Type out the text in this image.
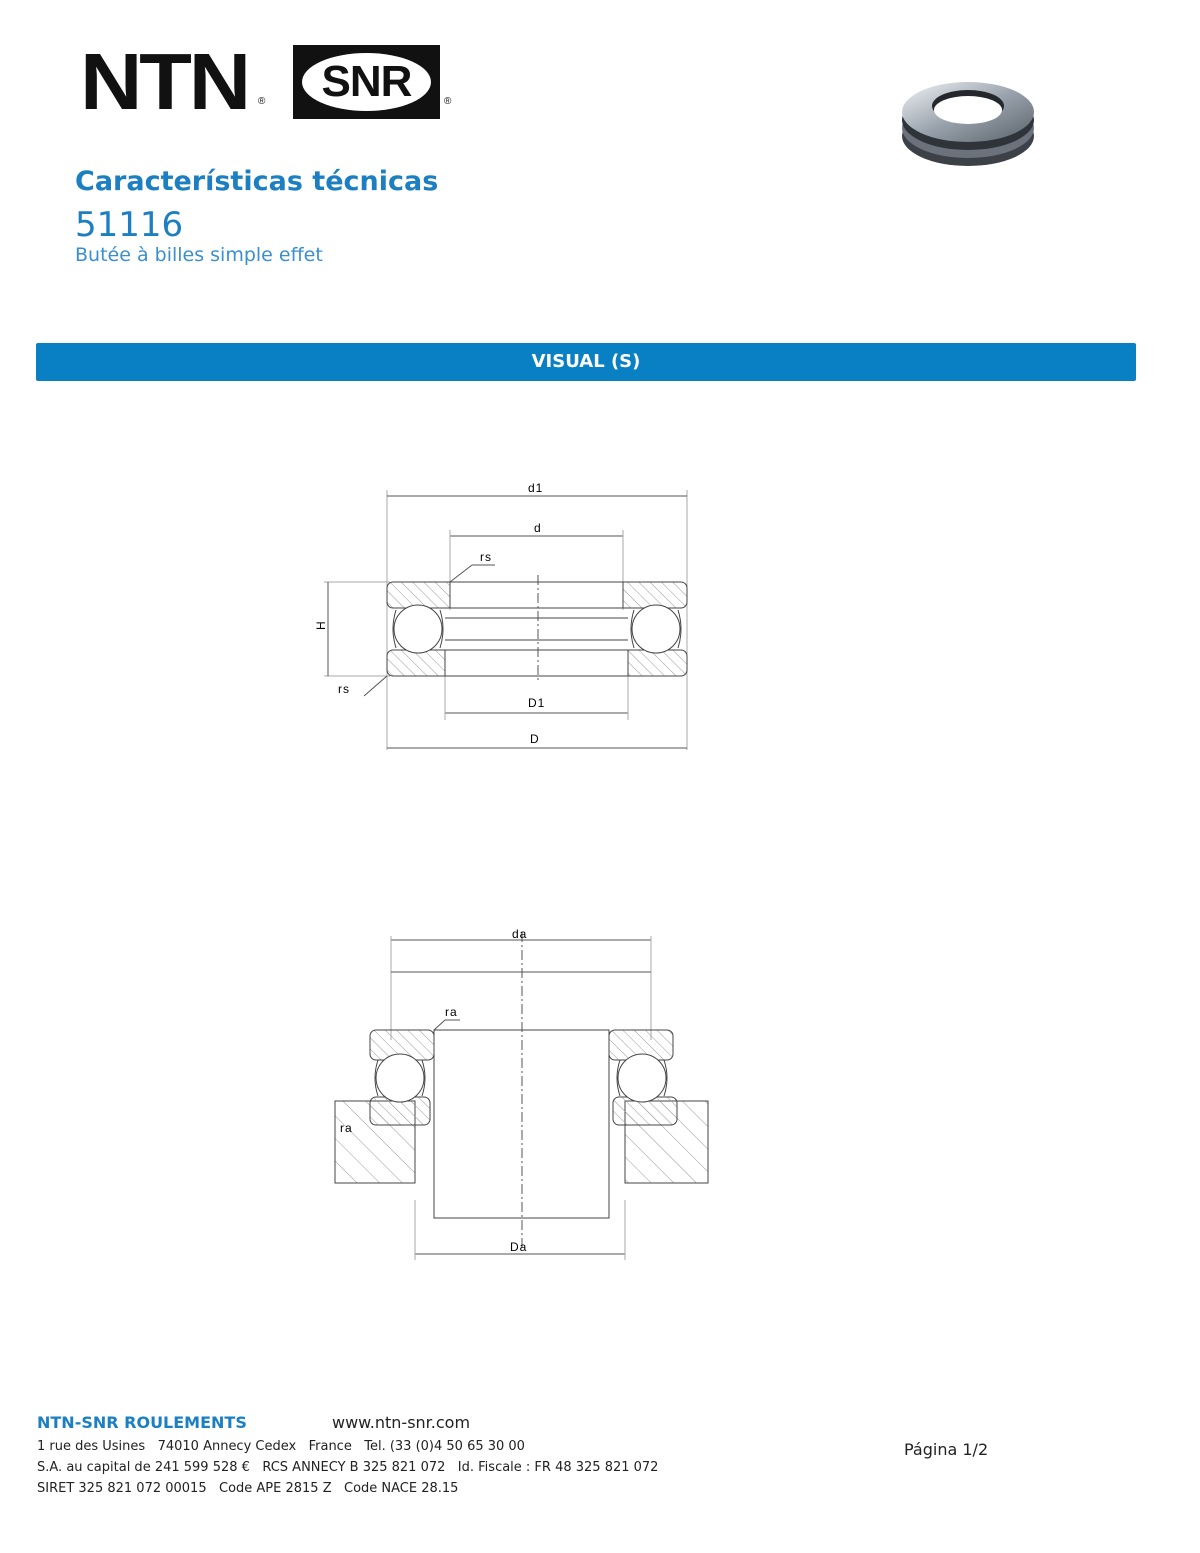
NTN ®	SNR	®
Características técnicas
51116
Butée à billes simple effet
VISUAL (S)
d1
d
rs
H
rs
D1
D
da
ra
ra
Da
NTN-SNR ROULEMENTS	www.ntn-snr.com
1 rue des Usines   74010 Annecy Cedex   France   Tel. (33 (0)4 50 65 30 00
S.A. au capital de 241 599 528 €   RCS ANNECY B 325 821 072   Id. Fiscale : FR 48 325 821 072
SIRET 325 821 072 00015   Code APE 2815 Z   Code NACE 28.15
Página 1/2
